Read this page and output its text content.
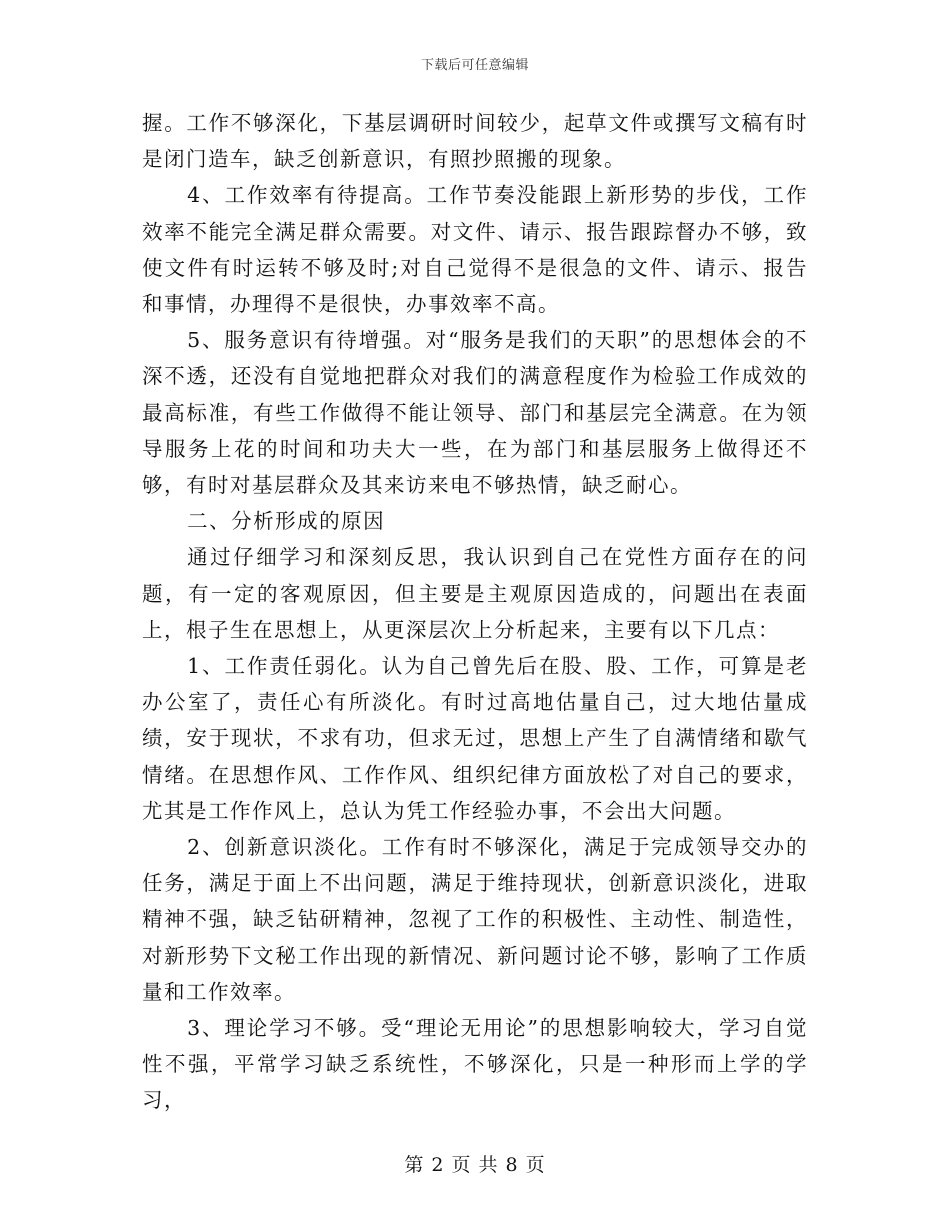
下载后可任意编辑

握。工作不够深化，下基层调研时间较少，起草文件或撰写文稿有时是闭门造车，缺乏创新意识，有照抄照搬的现象。

4、工作效率有待提高。工作节奏没能跟上新形势的步伐，工作效率不能完全满足群众需要。对文件、请示、报告跟踪督办不够，致使文件有时运转不够及时;对自己觉得不是很急的文件、请示、报告和事情，办理得不是很快，办事效率不高。

5、服务意识有待增强。对“服务是我们的天职”的思想体会的不深不透，还没有自觉地把群众对我们的满意程度作为检验工作成效的最高标准，有些工作做得不能让领导、部门和基层完全满意。在为领导服务上花的时间和功夫大一些，在为部门和基层服务上做得还不够，有时对基层群众及其来访来电不够热情，缺乏耐心。

二、分析形成的原因

通过仔细学习和深刻反思，我认识到自己在党性方面存在的问题，有一定的客观原因，但主要是主观原因造成的，问题出在表面上，根子生在思想上，从更深层次上分析起来，主要有以下几点：

1、工作责任弱化。认为自己曾先后在股、股、工作，可算是老办公室了，责任心有所淡化。有时过高地估量自己，过大地估量成绩，安于现状，不求有功，但求无过，思想上产生了自满情绪和歇气情绪。在思想作风、工作作风、组织纪律方面放松了对自己的要求，尤其是工作作风上，总认为凭工作经验办事，不会出大问题。

2、创新意识淡化。工作有时不够深化，满足于完成领导交办的任务，满足于面上不出问题，满足于维持现状，创新意识淡化，进取精神不强，缺乏钻研精神，忽视了工作的积极性、主动性、制造性，对新形势下文秘工作出现的新情况、新问题讨论不够，影响了工作质量和工作效率。

3、理论学习不够。受“理论无用论”的思想影响较大，学习自觉性不强，平常学习缺乏系统性，不够深化，只是一种形而上学的学习，

第 2 页 共 8 页
